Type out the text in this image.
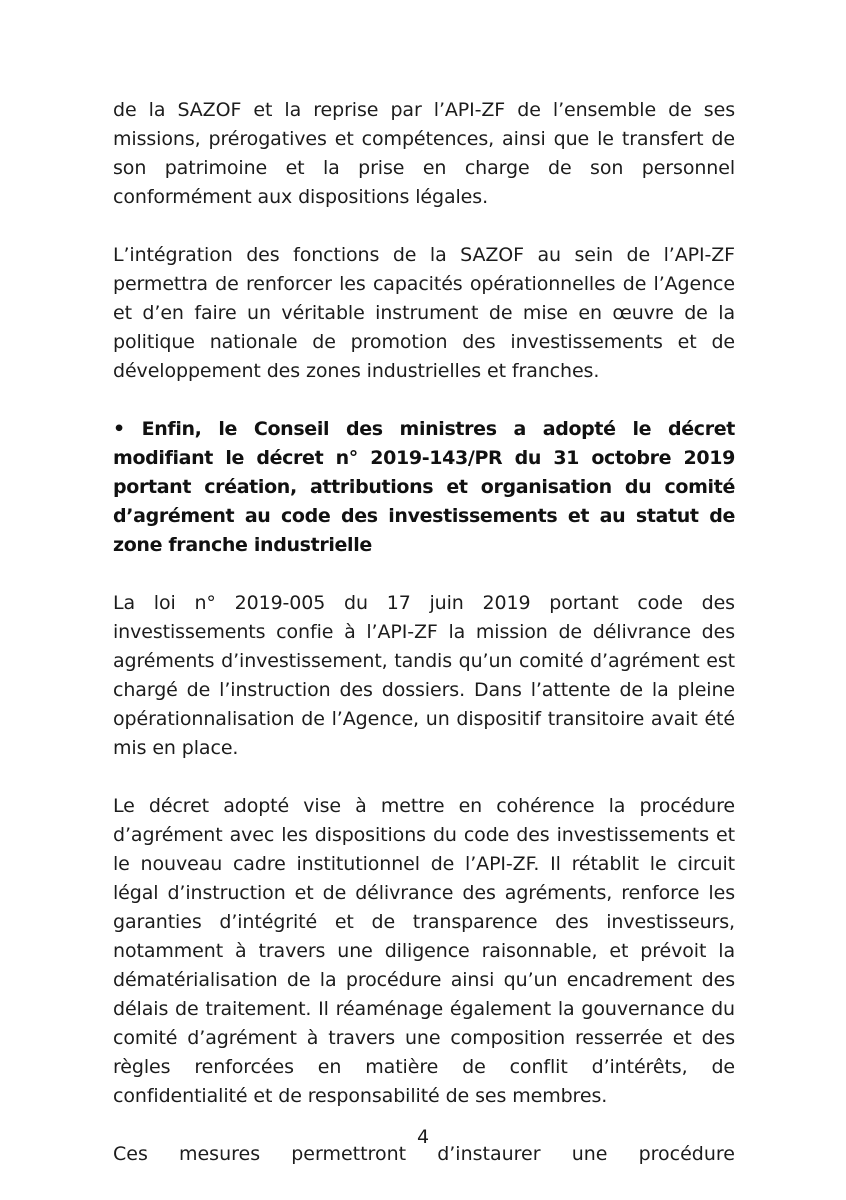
de la SAZOF et la reprise par l’API-ZF de l’ensemble de ses missions, prérogatives et compétences, ainsi que le transfert de son patrimoine et la prise en charge de son personnel conformément aux dispositions légales.

L’intégration des fonctions de la SAZOF au sein de l’API-ZF permettra de renforcer les capacités opérationnelles de l’Agence et d’en faire un véritable instrument de mise en œuvre de la politique nationale de promotion des investissements et de développement des zones industrielles et franches.

• Enfin, le Conseil des ministres a adopté le décret modifiant le décret n° 2019-143/PR du 31 octobre 2019 portant création, attributions et organisation du comité d’agrément au code des investissements et au statut de zone franche industrielle

La loi n° 2019-005 du 17 juin 2019 portant code des investissements confie à l’API-ZF la mission de délivrance des agréments d’investissement, tandis qu’un comité d’agrément est chargé de l’instruction des dossiers. Dans l’attente de la pleine opérationnalisation de l’Agence, un dispositif transitoire avait été mis en place.

Le décret adopté vise à mettre en cohérence la procédure d’agrément avec les dispositions du code des investissements et le nouveau cadre institutionnel de l’API-ZF. Il rétablit le circuit légal d’instruction et de délivrance des agréments, renforce les garanties d’intégrité et de transparence des investisseurs, notamment à travers une diligence raisonnable, et prévoit la dématérialisation de la procédure ainsi qu’un encadrement des délais de traitement. Il réaménage également la gouvernance du comité d’agrément à travers une composition resserrée et des règles renforcées en matière de conflit d’intérêts, de confidentialité et de responsabilité de ses membres.

Ces mesures permettront d’instaurer une procédure

4
